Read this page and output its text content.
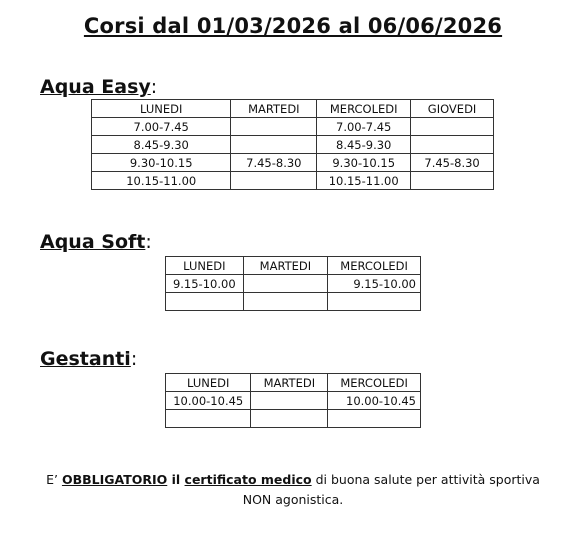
Corsi dal 01/03/2026 al 06/06/2026
Aqua Easy:
LUNEDI	MARTEDI	MERCOLEDI	GIOVEDI
7.00-7.45		7.00-7.45	
8.45-9.30		8.45-9.30	
9.30-10.15	7.45-8.30	9.30-10.15	7.45-8.30
10.15-11.00		10.15-11.00	
Aqua Soft:
LUNEDI	MARTEDI	MERCOLEDI
9.15-10.00		9.15-10.00

Gestanti:
LUNEDI	MARTEDI	MERCOLEDI
10.00-10.45		10.00-10.45

E’ OBBLIGATORIO il certificato medico di buona salute per attività sportiva
NON agonistica.
